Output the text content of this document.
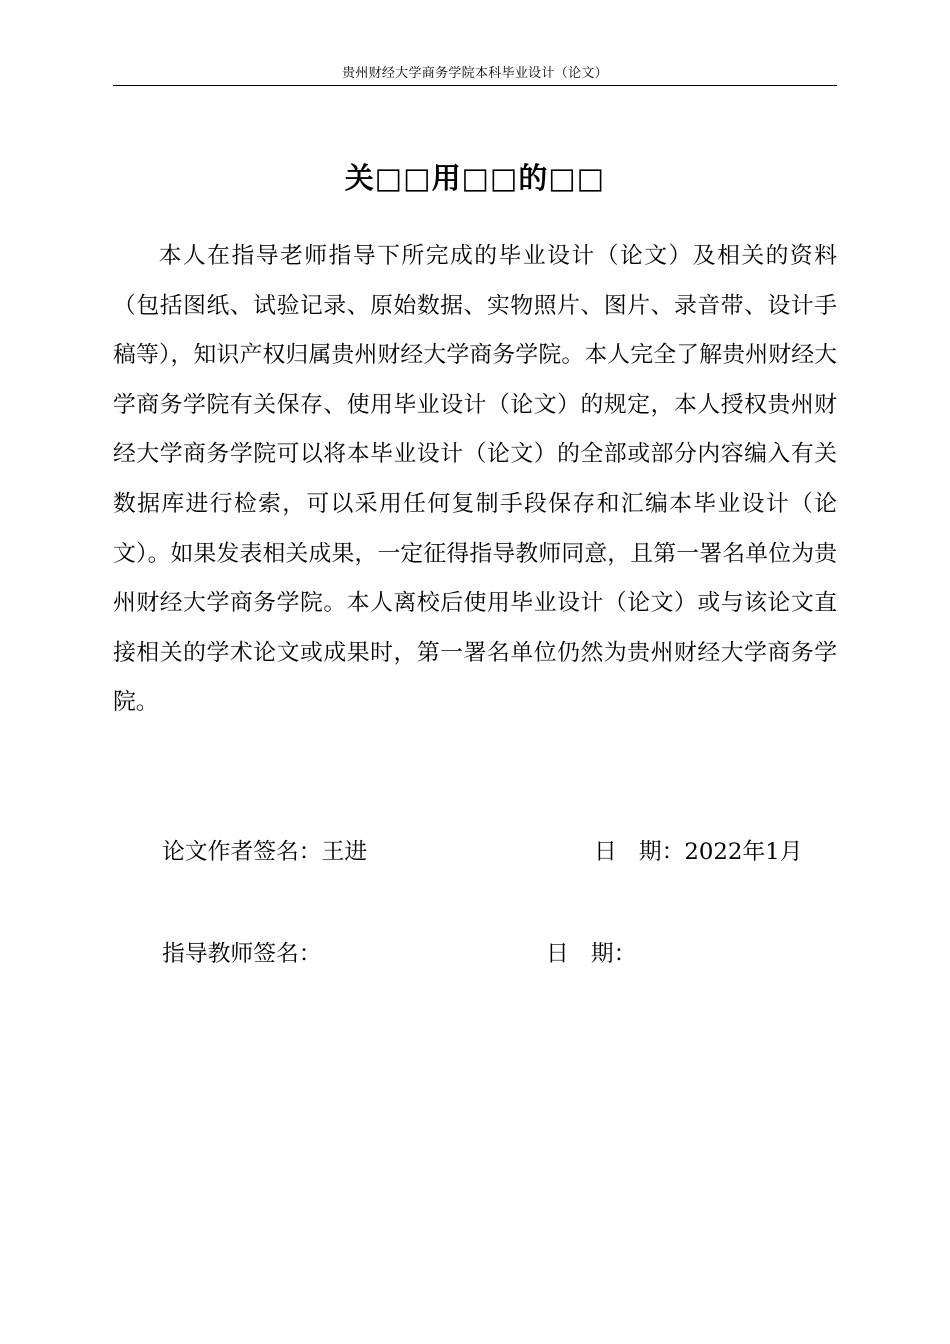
贵州财经大学商务学院本科毕业设计（论文）
关□□用□□的□□

本人在指导老师指导下所完成的毕业设计（论文）及相关的资料（包括图纸、试验记录、原始数据、实物照片、图片、录音带、设计手稿等），知识产权归属贵州财经大学商务学院。本人完全了解贵州财经大学商务学院有关保存、使用毕业设计（论文）的规定，本人授权贵州财经大学商务学院可以将本毕业设计（论文）的全部或部分内容编入有关数据库进行检索，可以采用任何复制手段保存和汇编本毕业设计（论文）。如果发表相关成果，一定征得指导教师同意，且第一署名单位为贵州财经大学商务学院。本人离校后使用毕业设计（论文）或与该论文直接相关的学术论文或成果时，第一署名单位仍然为贵州财经大学商务学院。

论文作者签名：王进	日 期：2022年1月
指导教师签名：	日 期：
